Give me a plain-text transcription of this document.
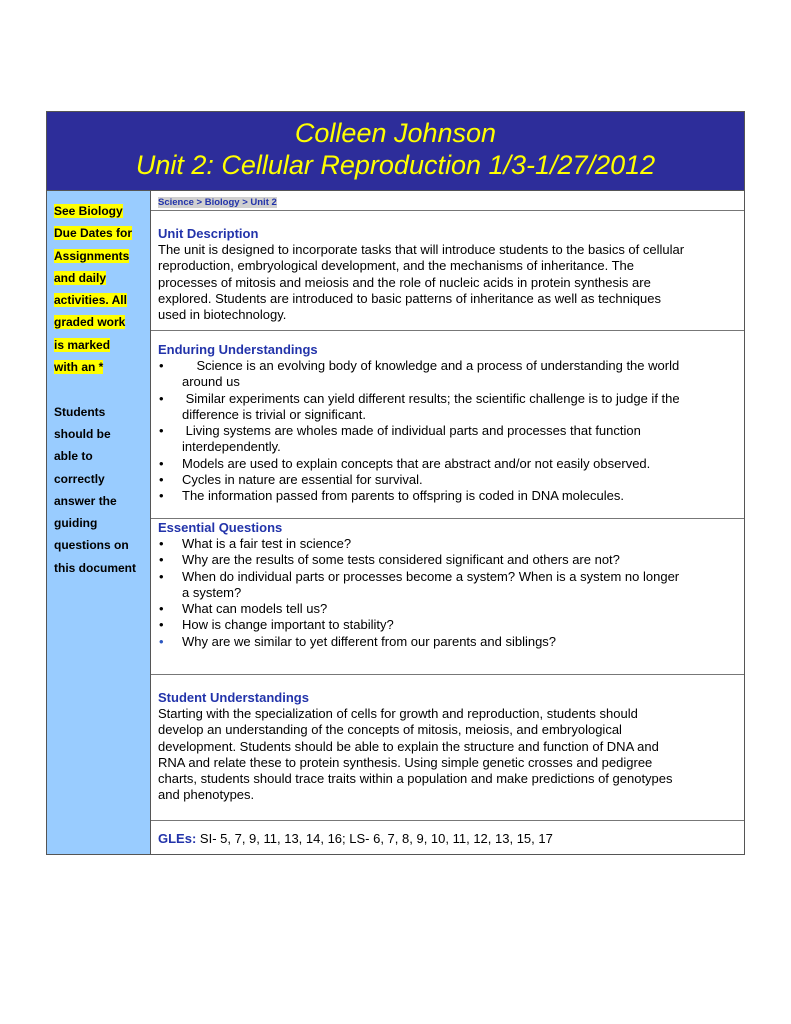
Colleen Johnson
Unit 2: Cellular Reproduction 1/3-1/27/2012
See Biology
Due Dates for
Assignments
and daily
activities. All
graded work
is marked
with an *
Students
should be
able to
correctly
answer the
guiding
questions on
this document
Science > Biology > Unit 2
Unit Description
The unit is designed to incorporate tasks that will introduce students to the basics of cellular
reproduction, embryological development, and the mechanisms of inheritance. The
processes of mitosis and meiosis and the role of nucleic acids in protein synthesis are
explored. Students are introduced to basic patterns of inheritance as well as techniques
used in biotechnology.
Enduring Understandings
•     Science is an evolving body of knowledge and a process of understanding the world
around us
•  Similar experiments can yield different results; the scientific challenge is to judge if the
difference is trivial or significant.
•  Living systems are wholes made of individual parts and processes that function
interdependently.
• Models are used to explain concepts that are abstract and/or not easily observed.
• Cycles in nature are essential for survival.
• The information passed from parents to offspring is coded in DNA molecules.
Essential Questions
• What is a fair test in science?
• Why are the results of some tests considered significant and others are not?
• When do individual parts or processes become a system? When is a system no longer
a system?
• What can models tell us?
• How is change important to stability?
• Why are we similar to yet different from our parents and siblings?
Student Understandings
Starting with the specialization of cells for growth and reproduction, students should
develop an understanding of the concepts of mitosis, meiosis, and embryological
development. Students should be able to explain the structure and function of DNA and
RNA and relate these to protein synthesis. Using simple genetic crosses and pedigree
charts, students should trace traits within a population and make predictions of genotypes
and phenotypes.
GLEs: SI- 5, 7, 9, 11, 13, 14, 16; LS- 6, 7, 8, 9, 10, 11, 12, 13, 15, 17
